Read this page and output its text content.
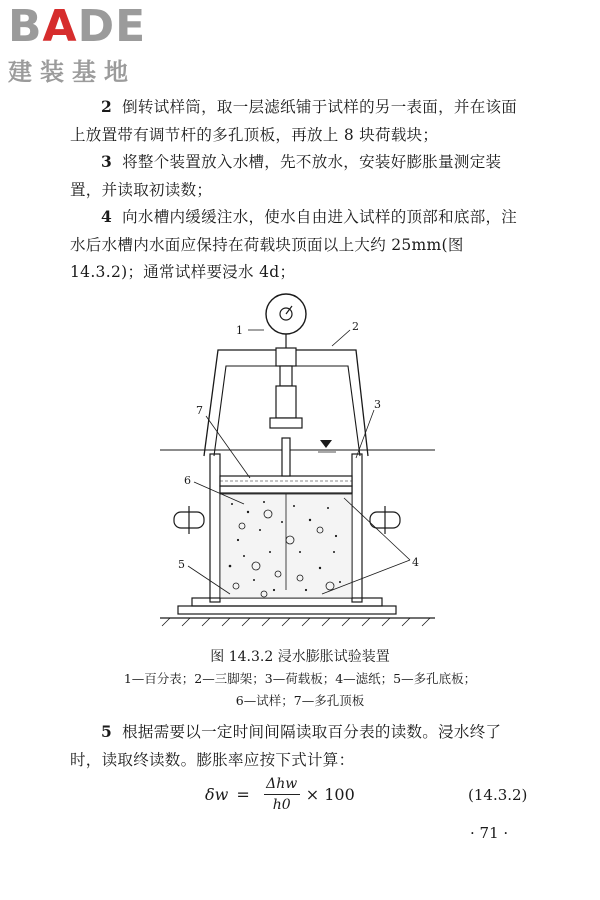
BADE
建装基地
2 倒转试样筒，取一层滤纸铺于试样的另一表面，并在该面上放置带有调节杆的多孔顶板，再放上 8 块荷载块；
3 将整个装置放入水槽，先不放水，安装好膨胀量测定装置，并读取初读数；
4 向水槽内缓缓注水，使水自由进入试样的顶部和底部，注水后水槽内水面应保持在荷载块顶面以上大约 25mm(图 14.3.2)；通常试样要浸水 4d；
1	2
3
7
6
5	4
图 14.3.2 浸水膨胀试验装置
1—百分表；2—三脚架；3—荷载板；4—滤纸；5—多孔底板；
6—试样；7—多孔顶板
5 根据需要以一定时间间隔读取百分表的读数。浸水终了时，读取终读数。膨胀率应按下式计算：
$\delta w = \frac{\text{Δhw}}{h0} \times 100$	(14.3.2)
· 71 ·
